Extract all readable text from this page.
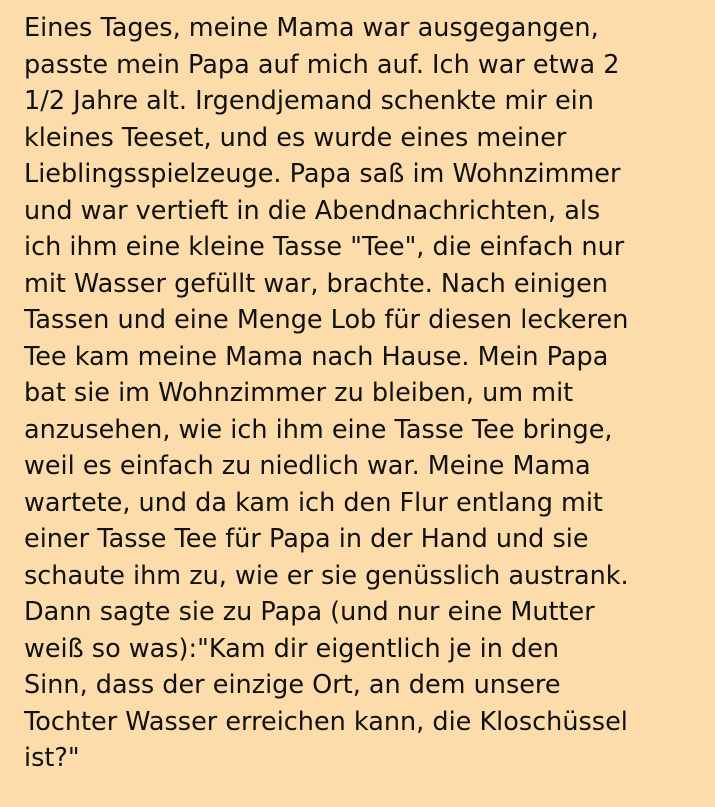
Eines Tages, meine Mama war ausgegangen,
passte mein Papa auf mich auf. Ich war etwa 2
1/2 Jahre alt. Irgendjemand schenkte mir ein
kleines Teeset, und es wurde eines meiner
Lieblingsspielzeuge. Papa saß im Wohnzimmer
und war vertieft in die Abendnachrichten, als
ich ihm eine kleine Tasse "Tee", die einfach nur
mit Wasser gefüllt war, brachte. Nach einigen
Tassen und eine Menge Lob für diesen leckeren
Tee kam meine Mama nach Hause. Mein Papa
bat sie im Wohnzimmer zu bleiben, um mit
anzusehen, wie ich ihm eine Tasse Tee bringe,
weil es einfach zu niedlich war. Meine Mama
wartete, und da kam ich den Flur entlang mit
einer Tasse Tee für Papa in der Hand und sie
schaute ihm zu, wie er sie genüsslich austrank.
Dann sagte sie zu Papa (und nur eine Mutter
weiß so was):"Kam dir eigentlich je in den
Sinn, dass der einzige Ort, an dem unsere
Tochter Wasser erreichen kann, die Kloschüssel
ist?"
